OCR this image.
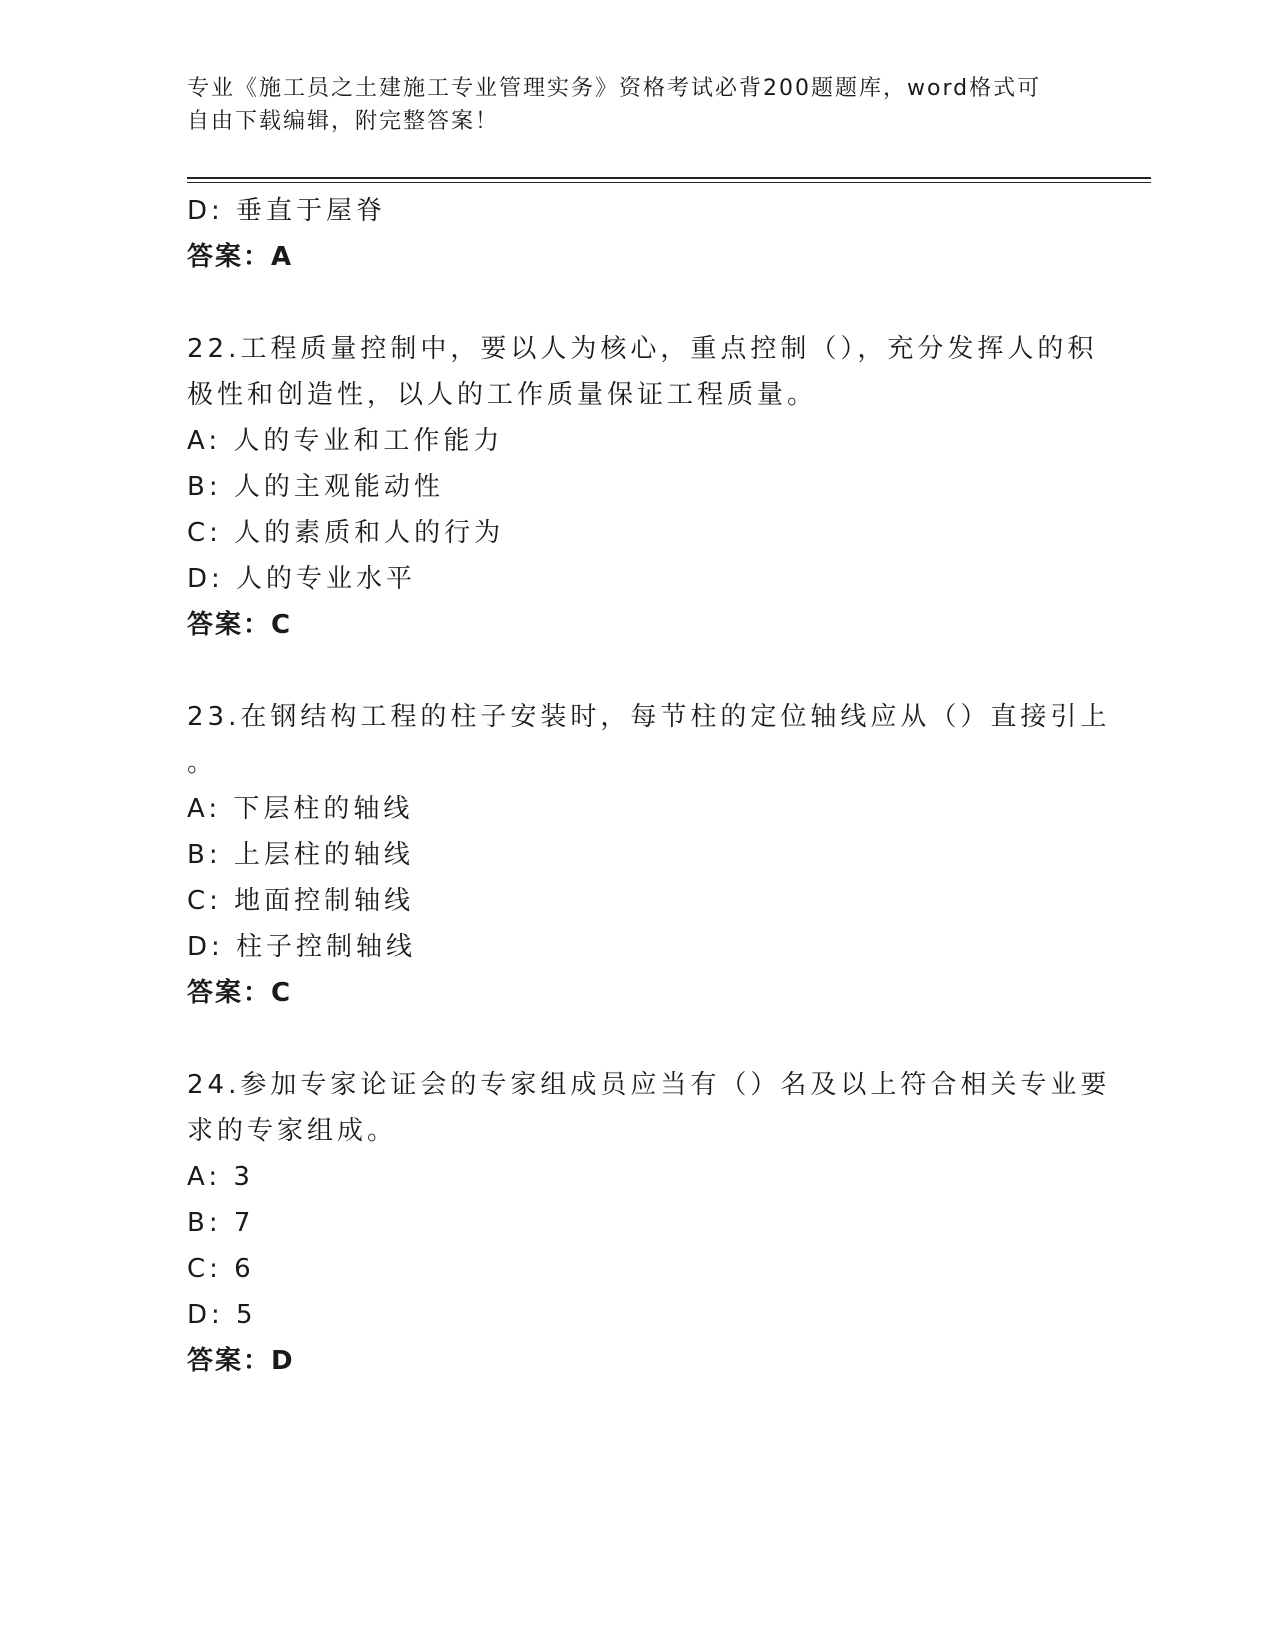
专业《施工员之土建施工专业管理实务》资格考试必背200题题库，word格式可
自由下载编辑，附完整答案！
D: 垂直于屋脊
答案：A
22.工程质量控制中，要以人为核心，重点控制（），充分发挥人的积
极性和创造性，以人的工作质量保证工程质量。
A: 人的专业和工作能力
B: 人的主观能动性
C: 人的素质和人的行为
D: 人的专业水平
答案：C
23.在钢结构工程的柱子安装时，每节柱的定位轴线应从（）直接引上
。
A: 下层柱的轴线
B: 上层柱的轴线
C: 地面控制轴线
D: 柱子控制轴线
答案：C
24.参加专家论证会的专家组成员应当有（）名及以上符合相关专业要
求的专家组成。
A: 3
B: 7
C: 6
D: 5
答案：D
